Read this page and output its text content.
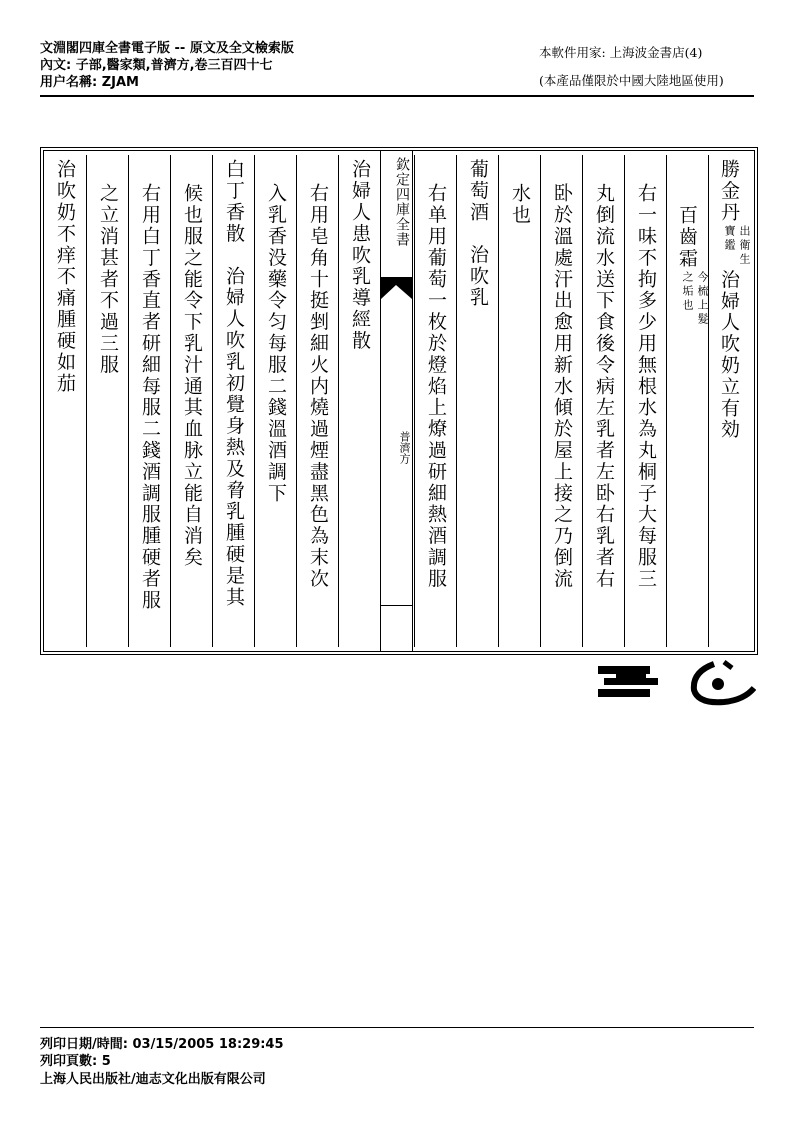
文淵閣四庫全書電子版 -- 原文及全文檢索版
內文: 子部,醫家類,普濟方,卷三百四十七
用户名稱: ZJAM
本軟件用家: 上海波金書店(4)
(本產品僅限於中國大陸地區使用)
勝金丹出衛生
寶鑑治婦人吹奶立有効
百齒霜今梳上髮
之垢也
右一味不拘多少用無根水為丸桐子大每服三
丸倒流水送下食後令病左乳者左卧右乳者右
卧於溫處汗出愈用新水傾於屋上接之乃倒流
水也
葡萄酒治吹乳
右单用葡萄一枚於燈焰上燎過研細熱酒調服
欽定四庫全書
普濟方
治婦人患吹乳導經散
右用皂角十挺剉細火内燒過煙盡黑色為末次
入乳香没藥令匀每服二錢溫酒調下
白丁香散治婦人吹乳初覺身熱及脅乳腫硬是其
候也服之能令下乳汁通其血脉立能自消矣
右用白丁香直者研細每服二錢酒調服腫硬者服
之立消甚者不過三服
治吹奶不痒不痛腫硬如茄
列印日期/時間: 03/15/2005 18:29:45
列印頁數: 5
上海人民出版社/迪志文化出版有限公司
